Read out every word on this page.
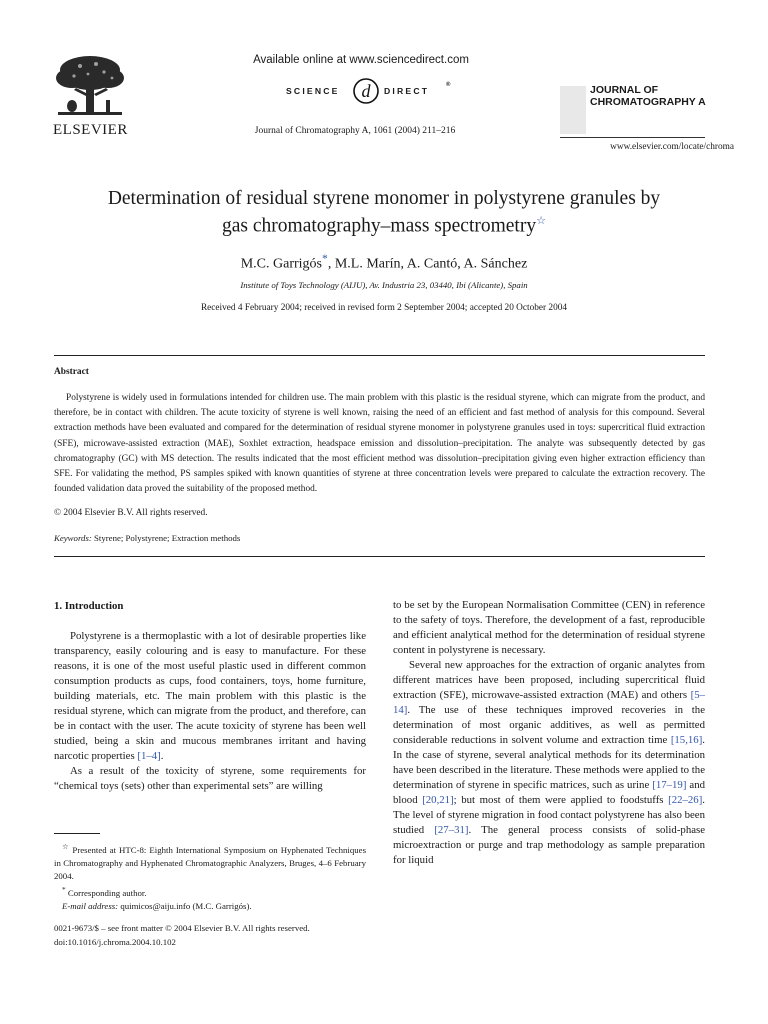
ELSEVIER
Available online at www.sciencedirect.com
SCIENCE d DIRECT
®
Journal of Chromatography A, 1061 (2004) 211–216
JOURNAL OF
CHROMATOGRAPHY A
www.elsevier.com/locate/chroma
Determination of residual styrene monomer in polystyrene granules by
gas chromatography–mass spectrometry☆
M.C. Garrigós*, M.L. Marín, A. Cantó, A. Sánchez
Institute of Toys Technology (AIJU), Av. Industria 23, 03440, Ibi (Alicante), Spain
Received 4 February 2004; received in revised form 2 September 2004; accepted 20 October 2004
Abstract
Polystyrene is widely used in formulations intended for children use. The main problem with this plastic is the residual styrene, which can migrate from the product, and therefore, be in contact with children. The acute toxicity of styrene is well known, raising the need of an efficient and fast method of analysis for this compound. Several extraction methods have been evaluated and compared for the determination of residual styrene monomer in polystyrene granules used in toys: supercritical fluid extraction (SFE), microwave-assisted extraction (MAE), Soxhlet extraction, headspace emission and dissolution–precipitation. The analyte was subsequently detected by gas chromatography (GC) with MS detection. The results indicated that the most efficient method was dissolution–precipitation giving even higher extraction efficiency than SFE. For validating the method, PS samples spiked with known quantities of styrene at three concentration levels were prepared to calculate the extraction recovery. The founded validation data proved the suitability of the proposed method.
© 2004 Elsevier B.V. All rights reserved.
Keywords: Styrene; Polystyrene; Extraction methods
1. Introduction

Polystyrene is a thermoplastic with a lot of desirable properties like transparency, easily colouring and is easy to manufacture. For these reasons, it is one of the most useful plastic used in different common consumption products as cups, food containers, toys, home furniture, building materials, etc. The main problem with this plastic is the residual styrene, which can migrate from the product, and therefore, can be in contact with the user. The acute toxicity of styrene has been well studied, being a skin and mucous membranes irritant and having narcotic properties [1–4].

As a result of the toxicity of styrene, some requirements for “chemical toys (sets) other than experimental sets” are willing

to be set by the European Normalisation Committee (CEN) in reference to the safety of toys. Therefore, the development of a fast, reproducible and efficient analytical method for the determination of residual styrene content in polystyrene is necessary.

Several new approaches for the extraction of organic analytes from different matrices have been proposed, including supercritical fluid extraction (SFE), microwave-assisted extraction (MAE) and others [5–14]. The use of these techniques improved recoveries in the determination of most organic additives, as well as permitted considerable reductions in solvent volume and extraction time [15,16]. In the case of styrene, several analytical methods for its determination have been described in the literature. These methods were applied to the determination of styrene in specific matrices, such as urine [17–19] and blood [20,21]; but most of them were applied to foodstuffs [22–26]. The level of styrene migration in food contact polystyrene has also been studied [27–31]. The general process consists of solid-phase microextraction or purge and trap methodology as sample preparation for liquid

☆ Presented at HTC-8: Eighth International Symposium on Hyphenated Techniques in Chromatography and Hyphenated Chromatographic Analyzers, Bruges, 4–6 February 2004.
* Corresponding author.
E-mail address: quimicos@aiju.info (M.C. Garrigós).
0021-9673/$ – see front matter © 2004 Elsevier B.V. All rights reserved.
doi:10.1016/j.chroma.2004.10.102
